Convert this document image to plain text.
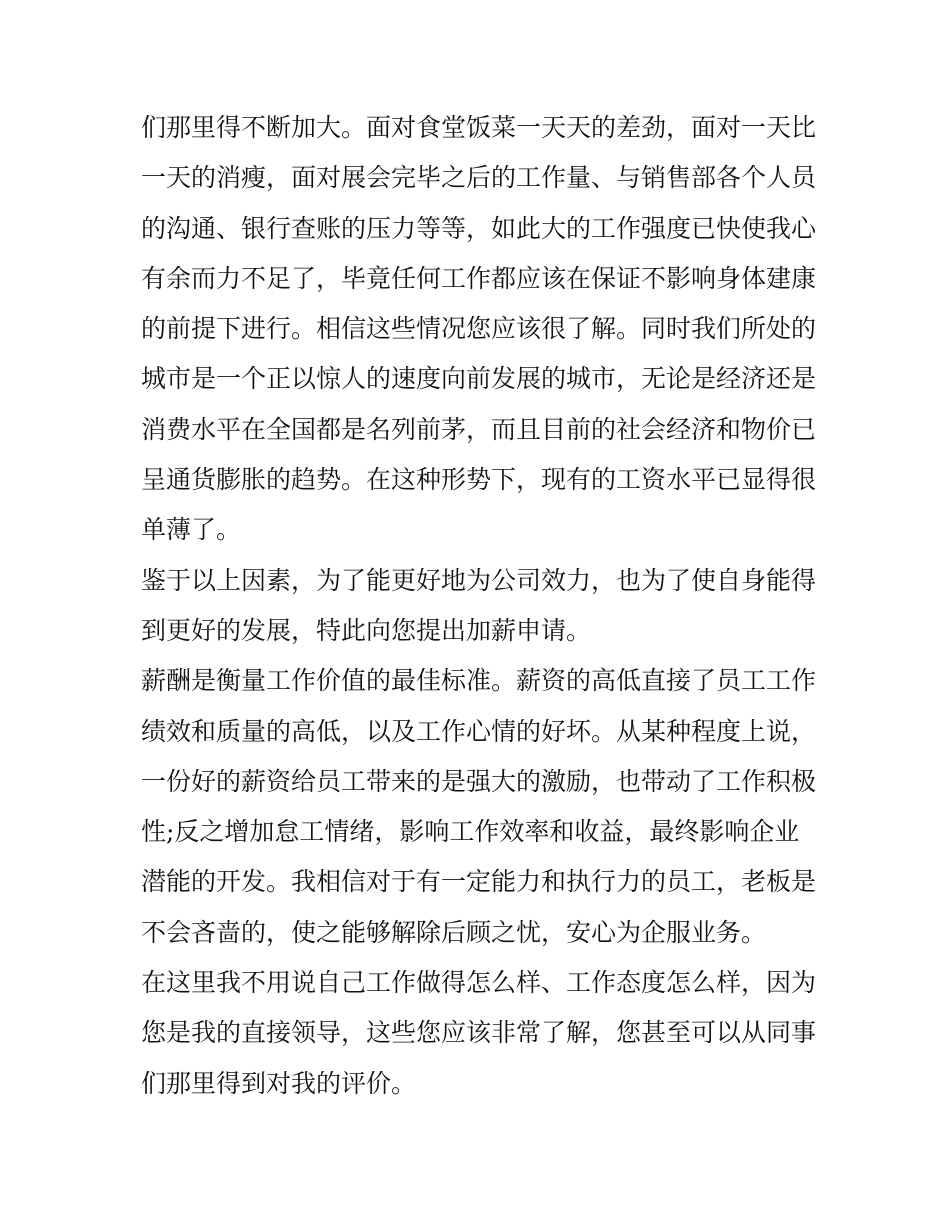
们那里得不断加大。面对食堂饭菜一天天的差劲，面对一天比
一天的消瘦，面对展会完毕之后的工作量、与销售部各个人员
的沟通、银行查账的压力等等，如此大的工作强度已快使我心
有余而力不足了，毕竟任何工作都应该在保证不影响身体建康
的前提下进行。相信这些情况您应该很了解。同时我们所处的
城市是一个正以惊人的速度向前发展的城市，无论是经济还是
消费水平在全国都是名列前茅，而且目前的社会经济和物价已
呈通货膨胀的趋势。在这种形势下，现有的工资水平已显得很
单薄了。
鉴于以上因素，为了能更好地为公司效力，也为了使自身能得
到更好的发展，特此向您提出加薪申请。
薪酬是衡量工作价值的最佳标准。薪资的高低直接了员工工作
绩效和质量的高低，以及工作心情的好坏。从某种程度上说，
一份好的薪资给员工带来的是强大的激励，也带动了工作积极
性;反之增加怠工情绪，影响工作效率和收益，最终影响企业
潜能的开发。我相信对于有一定能力和执行力的员工，老板是
不会吝啬的，使之能够解除后顾之忧，安心为企服业务。
在这里我不用说自己工作做得怎么样、工作态度怎么样，因为
您是我的直接领导，这些您应该非常了解，您甚至可以从同事
们那里得到对我的评价。
